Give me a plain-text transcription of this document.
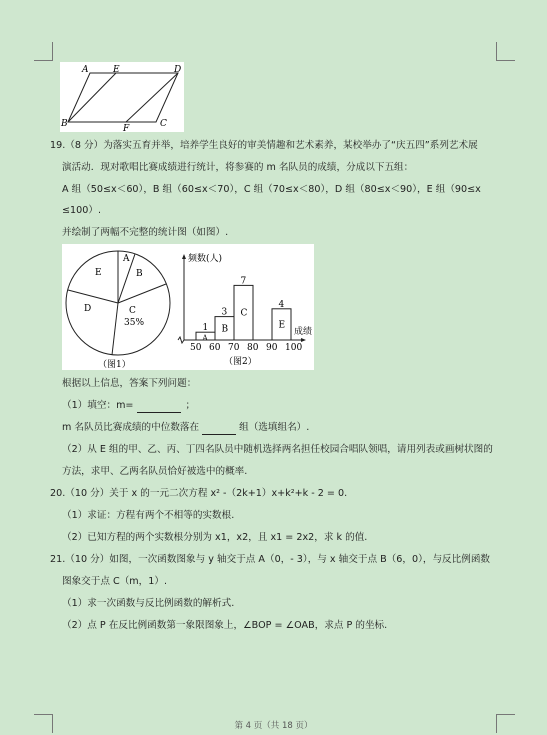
A	E	D
B	F	C
19.（8 分）为落实五育并举，培养学生良好的审美情趣和艺术素养，某校举办了“庆五四”系列艺术展
演活动．现对歌唱比赛成绩进行统计，将参赛的 m 名队员的成绩，分成以下五组：
A 组（50≤x＜60），B 组（60≤x＜70），C 组（70≤x＜80），D 组（80≤x＜90），E 组（90≤x
≤100）.
并绘制了两幅不完整的统计图（如图）.
A
B
C
D
E
35%
（图1）
频数(人)
成绩
（图2）
50 60 70 80 90 100
A
1 B
3 C
7
E
4
根据以上信息，答案下列问题：
（1）填空：m=	；
m 名队员比赛成绩的中位数落在	组（选填组名）.
（2）从 E 组的甲、乙、丙、丁四名队员中随机选择两名担任校园合唱队领唱，请用列表或画树状图的
方法，求甲、乙两名队员恰好被选中的概率.
20.（10 分）关于 x 的一元二次方程 x² -（2k+1）x+k²+k - 2 = 0.
（1）求证：方程有两个不相等的实数根.
（2）已知方程的两个实数根分别为 x1，x2，且 x1 = 2x2，求 k 的值.
21.（10 分）如图，一次函数图象与 y 轴交于点 A（0，- 3），与 x 轴交于点 B（6，0），与反比例函数
图象交于点 C（m，1）.
（1）求一次函数与反比例函数的解析式.
（2）点 P 在反比例函数第一象限图象上，∠BOP = ∠OAB，求点 P 的坐标.
第 4 页（共 18 页）
